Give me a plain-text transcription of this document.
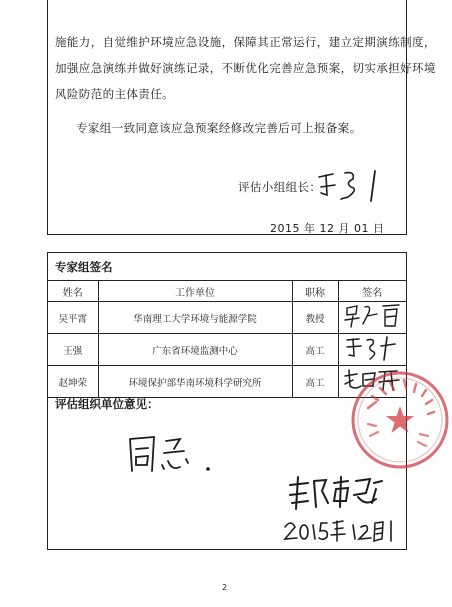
施能力，自觉维护环境应急设施，保障其正常运行，建立定期演练制度，
加强应急演练并做好演练记录，不断优化完善应急预案，切实承担好环境
风险防范的主体责任。
专家组一致同意该应急预案经修改完善后可上报备案。
评估小组组长：
2015 年 12 月 01 日
专家组签名
姓名	工作单位	职称	签名
吴平霄	华南理工大学环境与能源学院	教授	
王强	广东省环境监测中心	高工	
赵坤荣	环境保护部华南环境科学研究所	高工	
评估组织单位意见：
2
